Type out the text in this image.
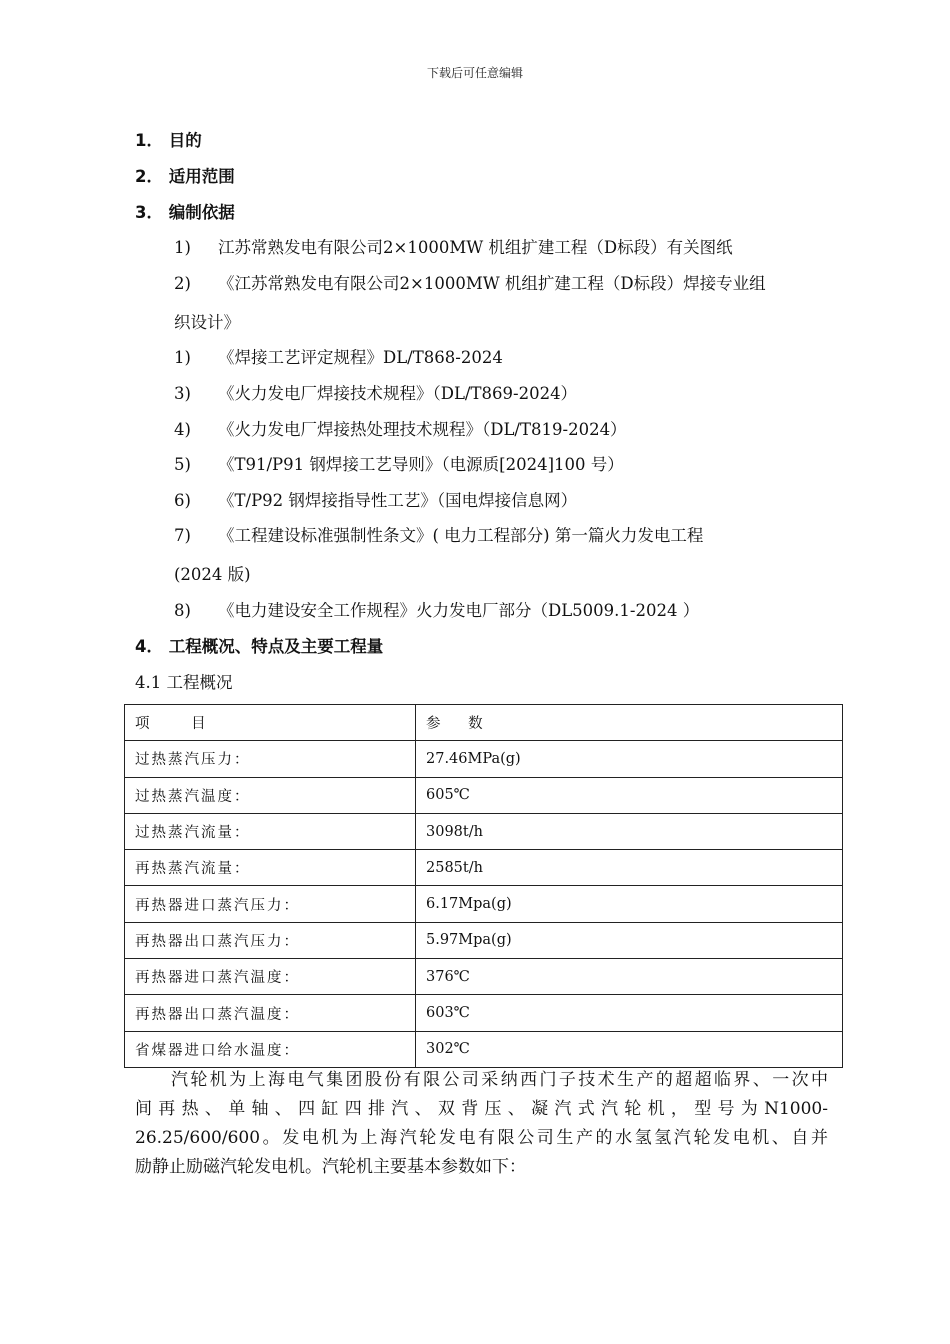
下载后可任意编辑
1． 目的
2． 适用范围
3． 编制依据
1) 江苏常熟发电有限公司2×1000MW 机组扩建工程（D标段）有关图纸
2) 《江苏常熟发电有限公司2×1000MW 机组扩建工程（D标段）焊接专业组
织设计》
1) 《焊接工艺评定规程》DL/T868-2024
3) 《火力发电厂焊接技术规程》（DL/T869-2024）
4) 《火力发电厂焊接热处理技术规程》（DL/T819-2024）
5) 《T91/P91 钢焊接工艺导则》（电源质[2024]100 号）
6) 《T/P92 钢焊接指导性工艺》（国电焊接信息网）
7) 《工程建设标准强制性条文》( 电力工程部分) 第一篇火力发电工程
(2024 版)
8) 《电力建设安全工作规程》火力发电厂部分（DL5009.1-2024 ）
4． 工程概况、特点及主要工程量
4.1 工程概况
项      目	参      数
过热蒸汽压力：	27.46MPa(g)
过热蒸汽温度：	605℃
过热蒸汽流量：	3098t/h
再热蒸汽流量：	2585t/h
再热器进口蒸汽压力：	6.17Mpa(g)
再热器出口蒸汽压力：	5.97Mpa(g)
再热器进口蒸汽温度：	376℃
再热器出口蒸汽温度：	603℃
省煤器进口给水温度：	302℃
汽轮机为上海电气集团股份有限公司采纳西门子技术生产的超超临界、一次中
间再热、单轴、四缸四排汽、双背压、凝汽式汽轮机，型号为N1000-
26.25/600/600。发电机为上海汽轮发电有限公司生产的水氢氢汽轮发电机、自并
励静止励磁汽轮发电机。汽轮机主要基本参数如下：
